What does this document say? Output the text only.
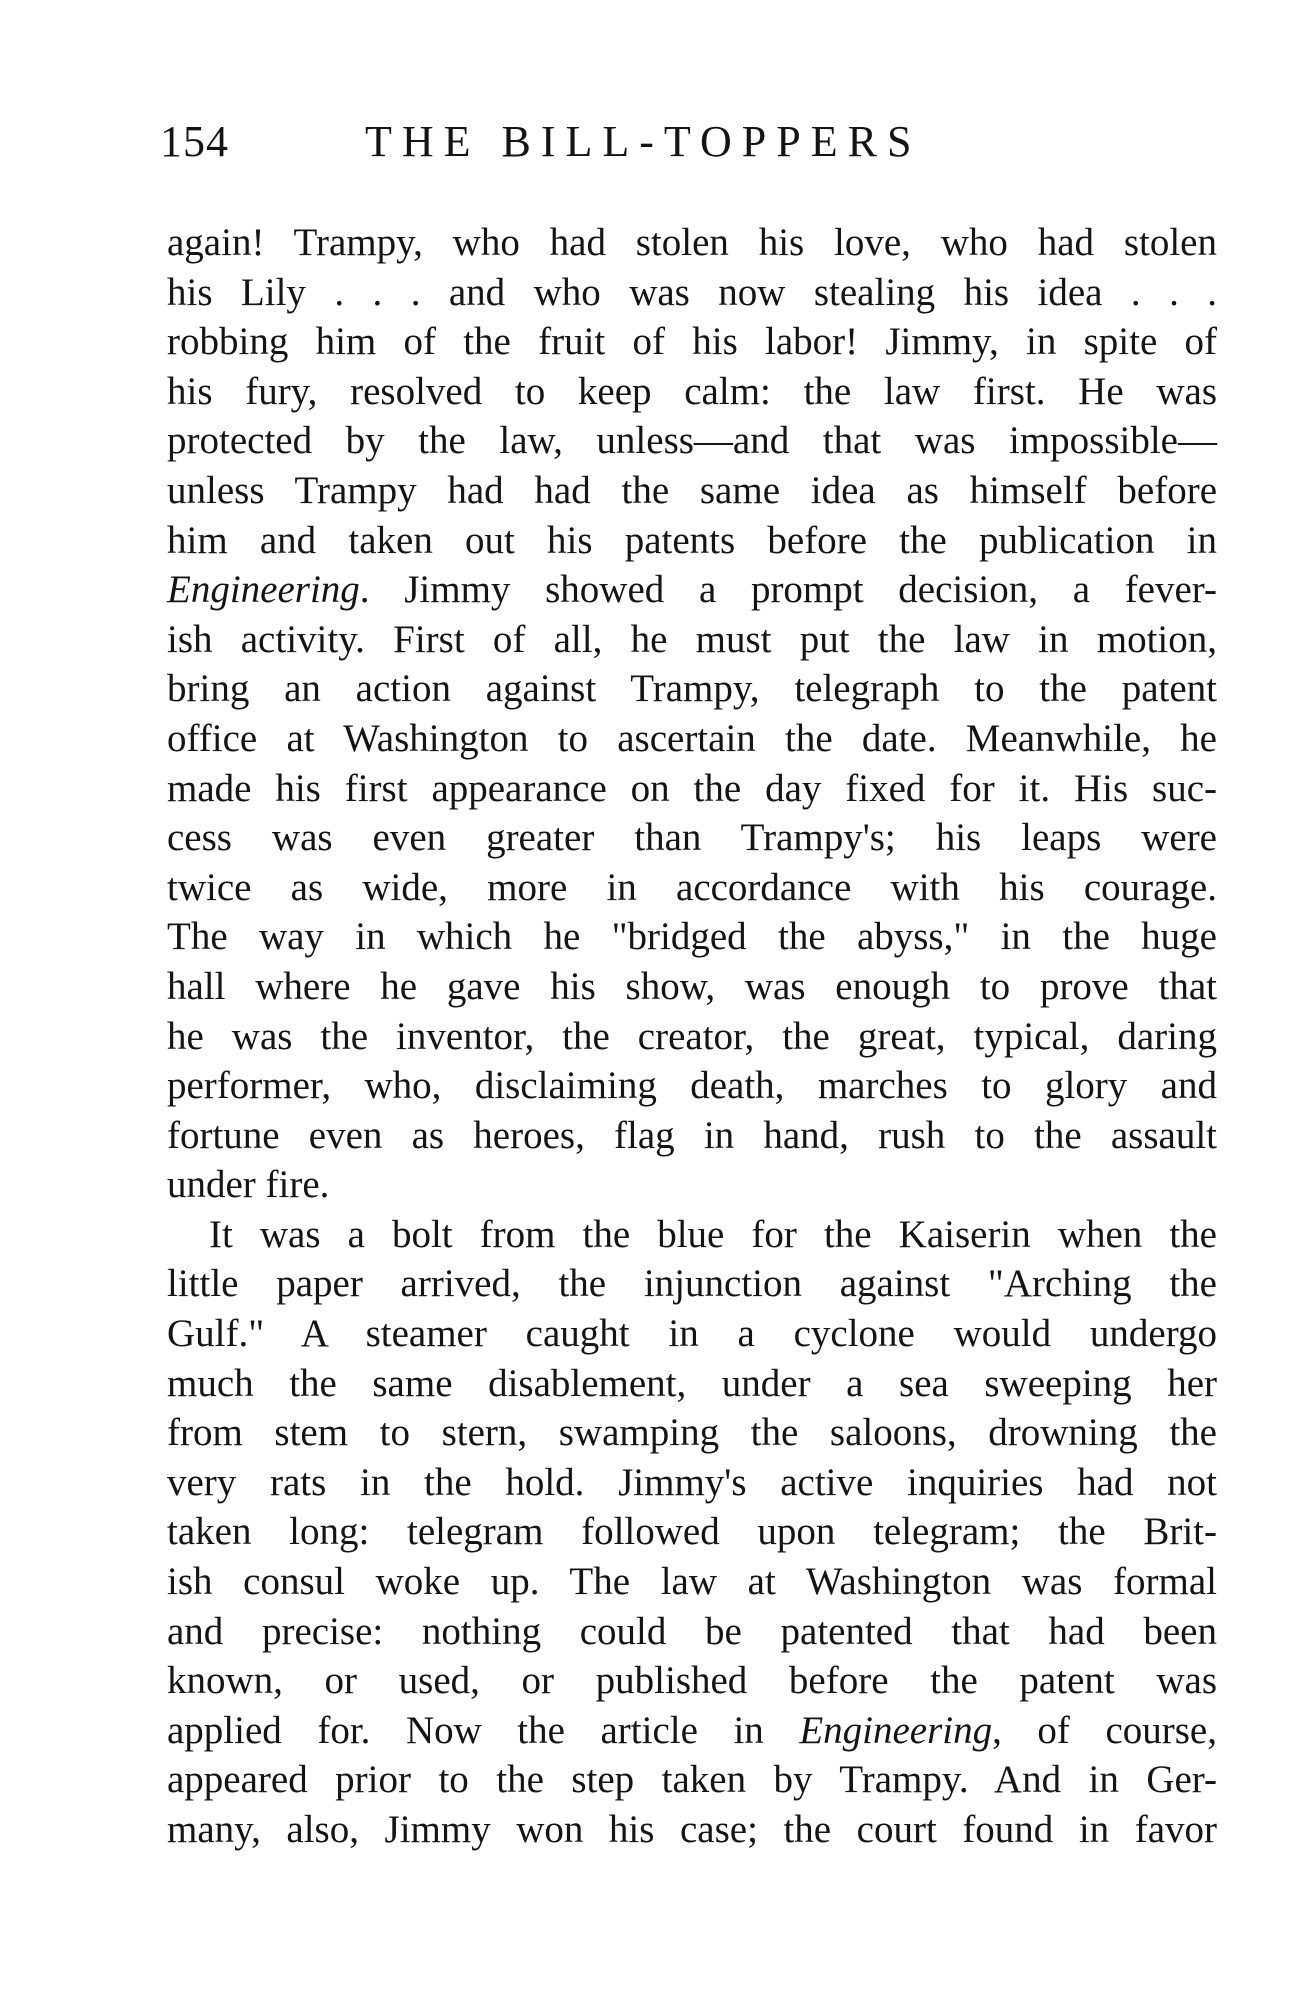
154	THE BILL-TOPPERS
again! Trampy, who had stolen his love, who had stolen
his Lily . . . and who was now stealing his idea . . .
robbing him of the fruit of his labor! Jimmy, in spite of
his fury, resolved to keep calm: the law first. He was
protected by the law, unless—and that was impossible—
unless Trampy had had the same idea as himself before
him and taken out his patents before the publication in
Engineering. Jimmy showed a prompt decision, a fever-
ish activity. First of all, he must put the law in motion,
bring an action against Trampy, telegraph to the patent
office at Washington to ascertain the date. Meanwhile, he
made his first appearance on the day fixed for it. His suc-
cess was even greater than Trampy's; his leaps were
twice as wide, more in accordance with his courage.
The way in which he "bridged the abyss," in the huge
hall where he gave his show, was enough to prove that
he was the inventor, the creator, the great, typical, daring
performer, who, disclaiming death, marches to glory and
fortune even as heroes, flag in hand, rush to the assault
under fire.
It was a bolt from the blue for the Kaiserin when the
little paper arrived, the injunction against "Arching the
Gulf." A steamer caught in a cyclone would undergo
much the same disablement, under a sea sweeping her
from stem to stern, swamping the saloons, drowning the
very rats in the hold. Jimmy's active inquiries had not
taken long: telegram followed upon telegram; the Brit-
ish consul woke up. The law at Washington was formal
and precise: nothing could be patented that had been
known, or used, or published before the patent was
applied for. Now the article in Engineering, of course,
appeared prior to the step taken by Trampy. And in Ger-
many, also, Jimmy won his case; the court found in favor
